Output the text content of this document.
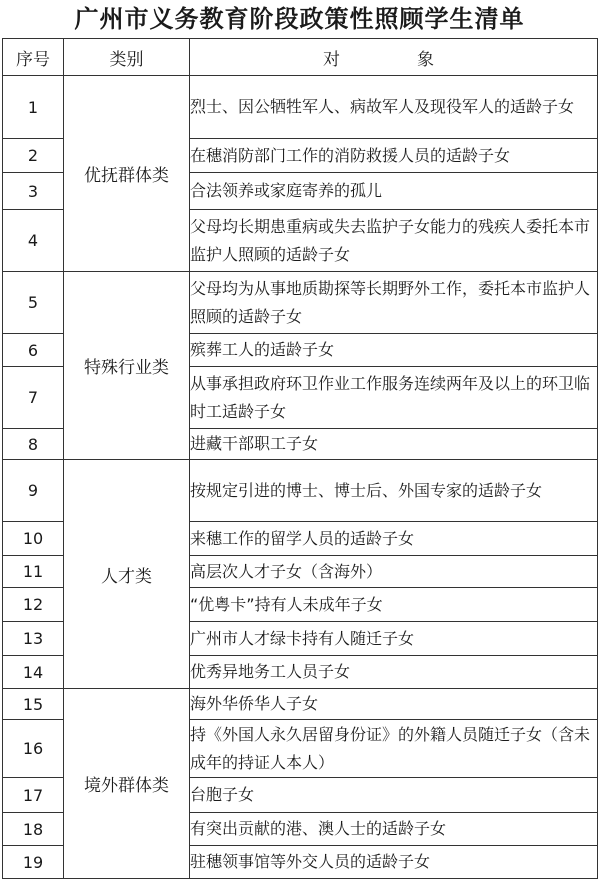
广州市义务教育阶段政策性照顾学生清单
序号	类别	对　象
1	优抚群体类	烈士、因公牺牲军人、病故军人及现役军人的适龄子女
2		在穗消防部门工作的消防救援人员的适龄子女
3		合法领养或家庭寄养的孤儿
4		父母均长期患重病或失去监护子女能力的残疾人委托本市监护人照顾的适龄子女
5	特殊行业类	父母均为从事地质勘探等长期野外工作，委托本市监护人照顾的适龄子女
6		殡葬工人的适龄子女
7		从事承担政府环卫作业工作服务连续两年及以上的环卫临时工适龄子女
8		进藏干部职工子女
9	人才类	按规定引进的博士、博士后、外国专家的适龄子女
10		来穗工作的留学人员的适龄子女
11		高层次人才子女（含海外）
12		“优粤卡”持有人未成年子女
13		广州市人才绿卡持有人随迁子女
14		优秀异地务工人员子女
15	境外群体类	海外华侨华人子女
16		持《外国人永久居留身份证》的外籍人员随迁子女（含未成年的持证人本人）
17		台胞子女
18		有突出贡献的港、澳人士的适龄子女
19		驻穗领事馆等外交人员的适龄子女
